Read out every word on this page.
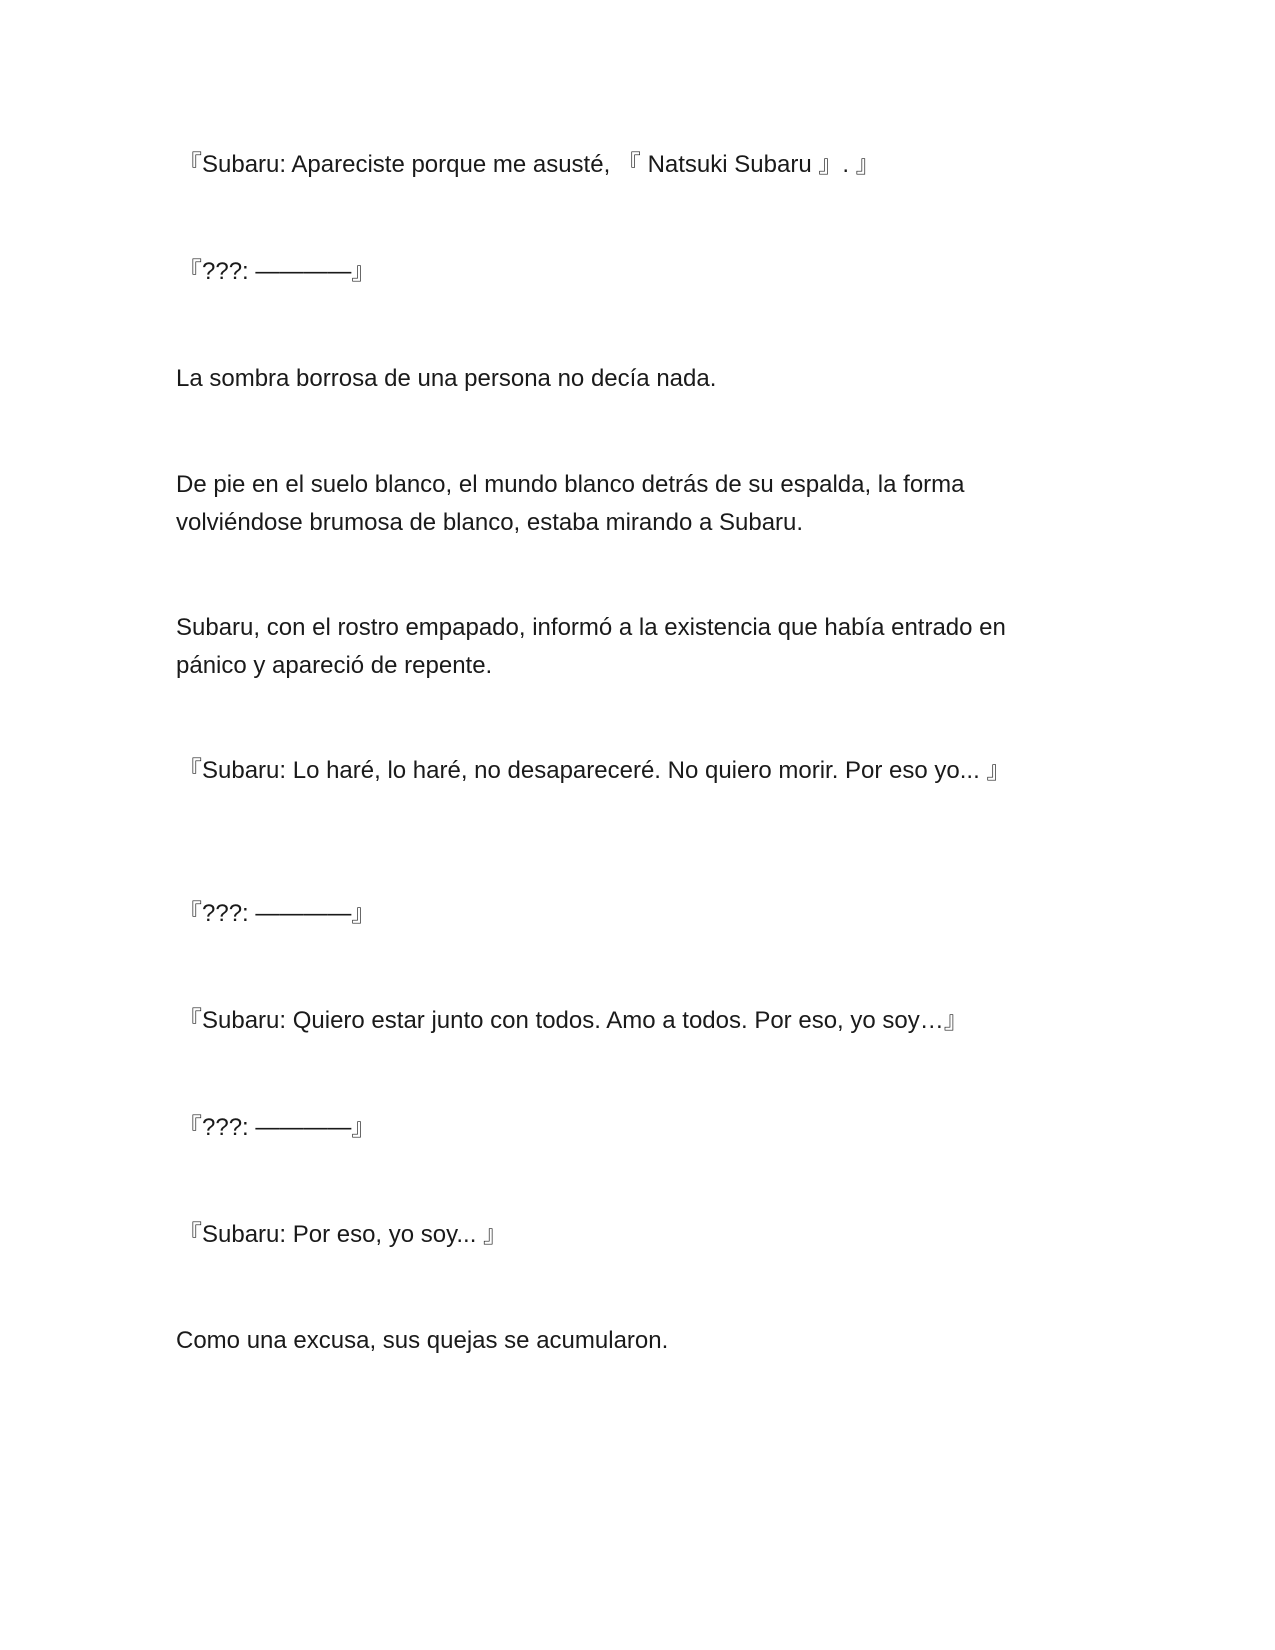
『Subaru: Apareciste porque me asusté, 『 Natsuki Subaru 』. 』

『???: ————』

La sombra borrosa de una persona no decía nada.

De pie en el suelo blanco, el mundo blanco detrás de su espalda, la forma volviéndose brumosa de blanco, estaba mirando a Subaru.

Subaru, con el rostro empapado, informó a la existencia que había entrado en pánico y apareció de repente.

『Subaru: Lo haré, lo haré, no desapareceré. No quiero morir. Por eso yo... 』

『???: ————』

『Subaru: Quiero estar junto con todos. Amo a todos. Por eso, yo soy…』

『???: ————』

『Subaru: Por eso, yo soy... 』

Como una excusa, sus quejas se acumularon.
